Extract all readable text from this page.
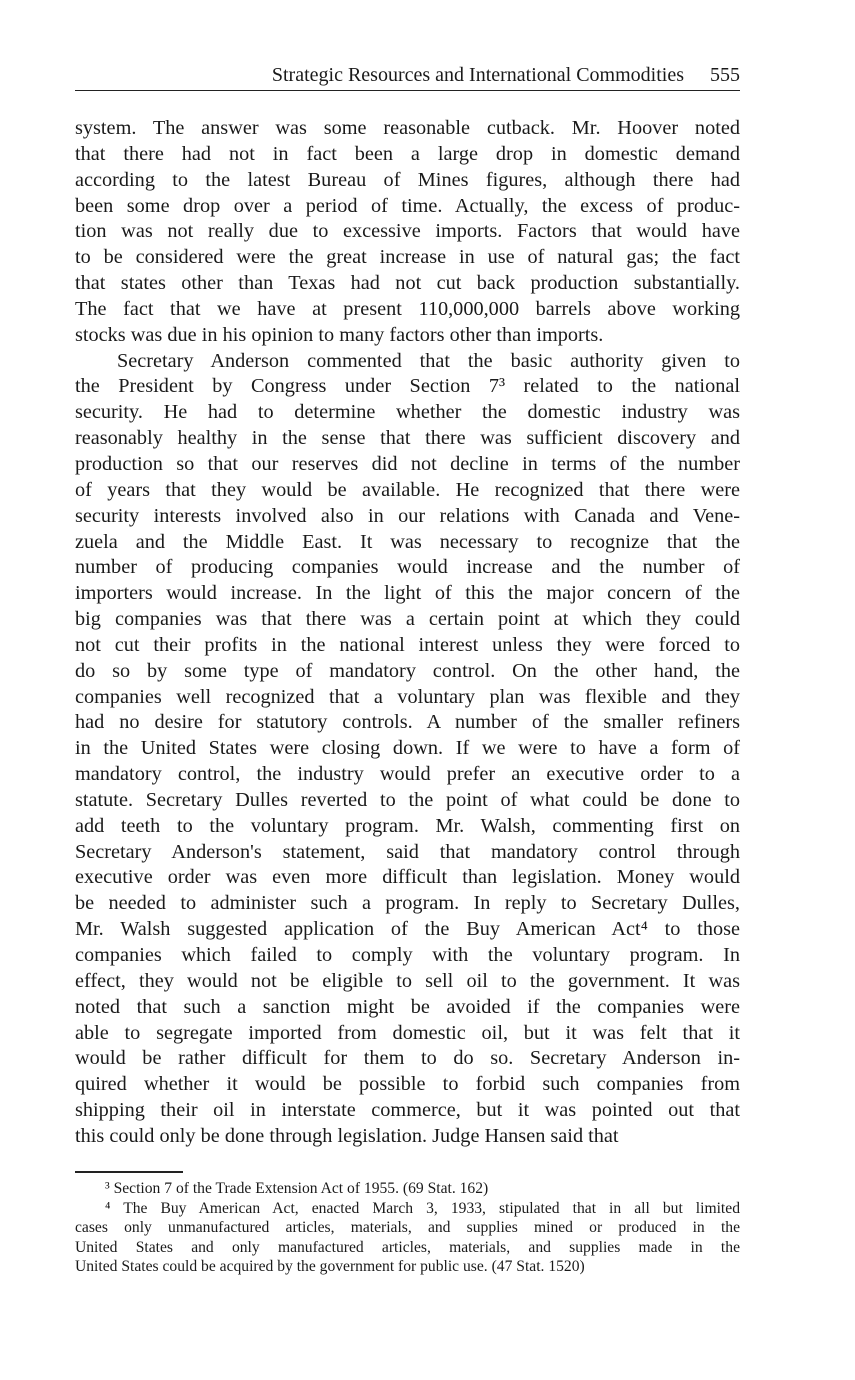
Strategic Resources and International Commodities 555
system. The answer was some reasonable cutback. Mr. Hoover noted
that there had not in fact been a large drop in domestic demand
according to the latest Bureau of Mines figures, although there had
been some drop over a period of time. Actually, the excess of produc-
tion was not really due to excessive imports. Factors that would have
to be considered were the great increase in use of natural gas; the fact
that states other than Texas had not cut back production substantially.
The fact that we have at present 110,000,000 barrels above working
stocks was due in his opinion to many factors other than imports.
Secretary Anderson commented that the basic authority given to
the President by Congress under Section 7³ related to the national
security. He had to determine whether the domestic industry was
reasonably healthy in the sense that there was sufficient discovery and
production so that our reserves did not decline in terms of the number
of years that they would be available. He recognized that there were
security interests involved also in our relations with Canada and Vene-
zuela and the Middle East. It was necessary to recognize that the
number of producing companies would increase and the number of
importers would increase. In the light of this the major concern of the
big companies was that there was a certain point at which they could
not cut their profits in the national interest unless they were forced to
do so by some type of mandatory control. On the other hand, the
companies well recognized that a voluntary plan was flexible and they
had no desire for statutory controls. A number of the smaller refiners
in the United States were closing down. If we were to have a form of
mandatory control, the industry would prefer an executive order to a
statute. Secretary Dulles reverted to the point of what could be done to
add teeth to the voluntary program. Mr. Walsh, commenting first on
Secretary Anderson's statement, said that mandatory control through
executive order was even more difficult than legislation. Money would
be needed to administer such a program. In reply to Secretary Dulles,
Mr. Walsh suggested application of the Buy American Act⁴ to those
companies which failed to comply with the voluntary program. In
effect, they would not be eligible to sell oil to the government. It was
noted that such a sanction might be avoided if the companies were
able to segregate imported from domestic oil, but it was felt that it
would be rather difficult for them to do so. Secretary Anderson in-
quired whether it would be possible to forbid such companies from
shipping their oil in interstate commerce, but it was pointed out that
this could only be done through legislation. Judge Hansen said that
³ Section 7 of the Trade Extension Act of 1955. (69 Stat. 162)
⁴ The Buy American Act, enacted March 3, 1933, stipulated that in all but limited
cases only unmanufactured articles, materials, and supplies mined or produced in the
United States and only manufactured articles, materials, and supplies made in the
United States could be acquired by the government for public use. (47 Stat. 1520)
